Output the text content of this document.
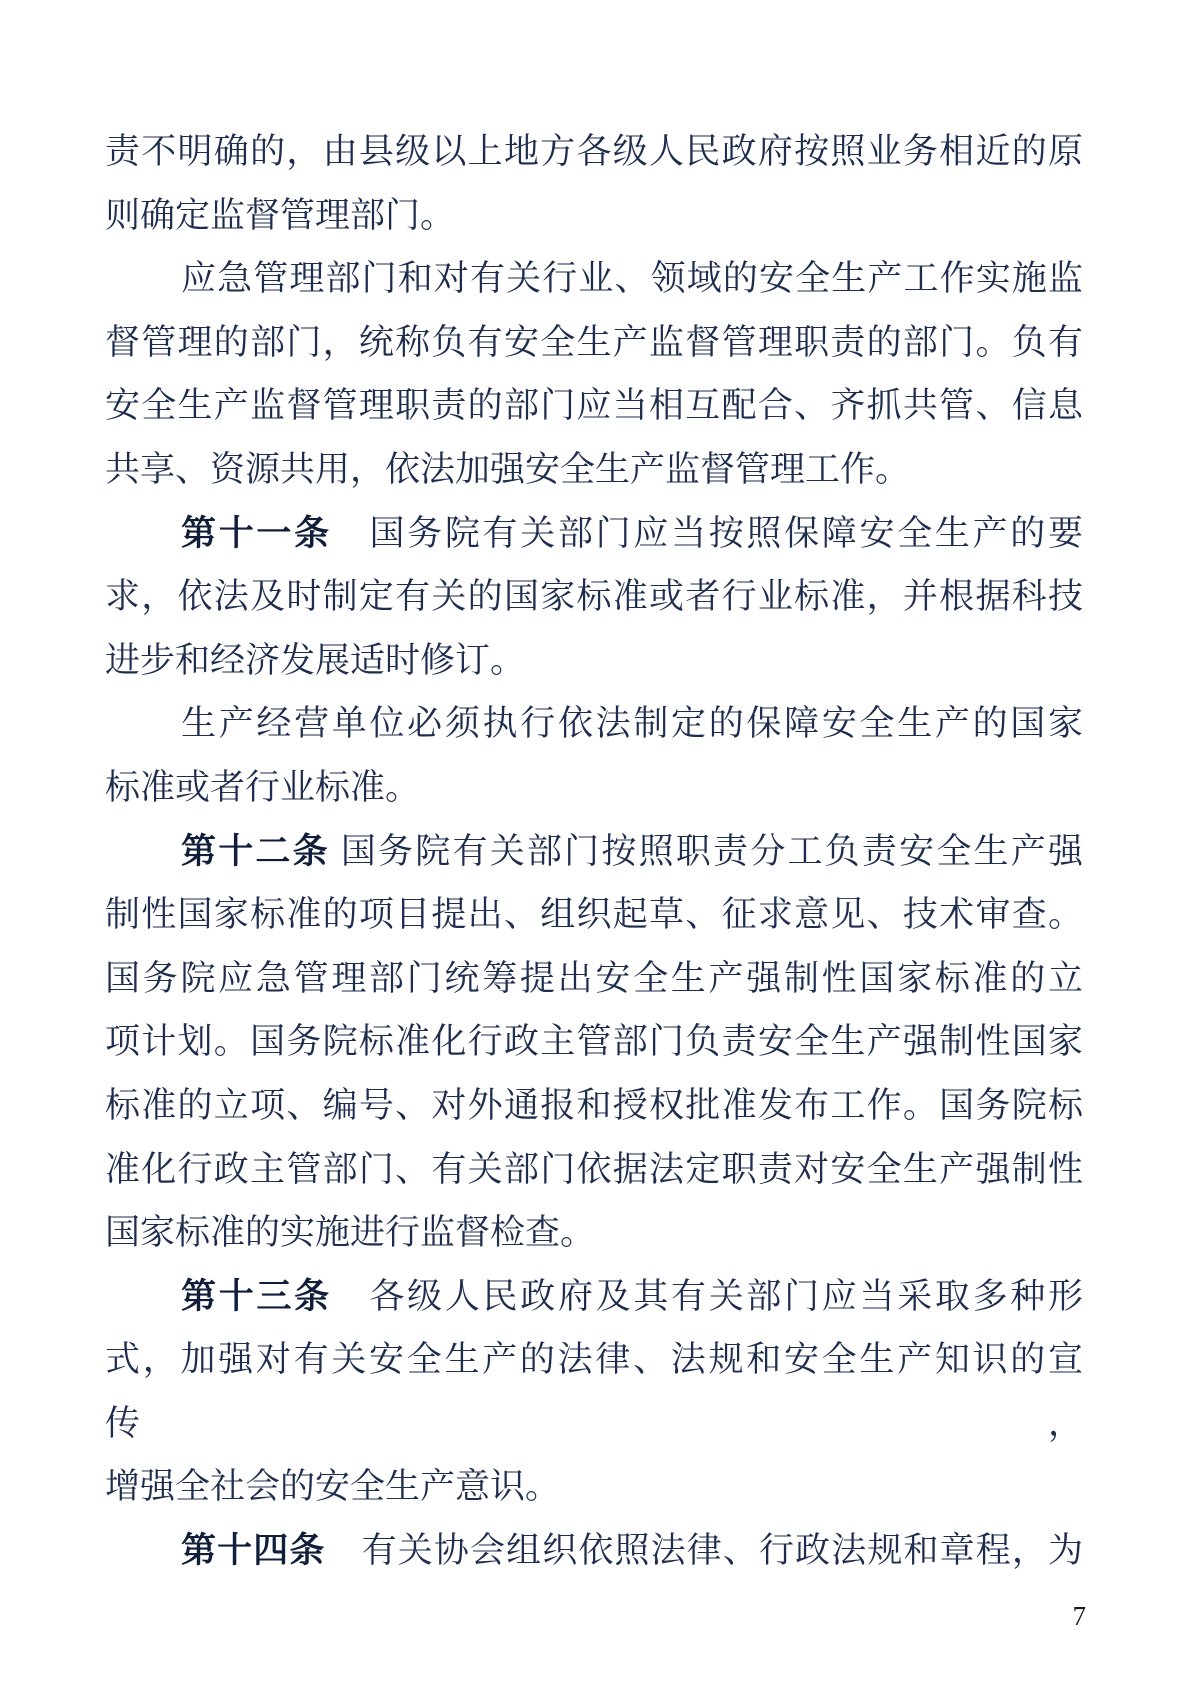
责不明确的，由县级以上地方各级人民政府按照业务相近的原
则确定监督管理部门。
应急管理部门和对有关行业、领域的安全生产工作实施监
督管理的部门，统称负有安全生产监督管理职责的部门。负有
安全生产监督管理职责的部门应当相互配合、齐抓共管、信息
共享、资源共用，依法加强安全生产监督管理工作。
第十一条　国务院有关部门应当按照保障安全生产的要
求，依法及时制定有关的国家标准或者行业标准，并根据科技
进步和经济发展适时修订。
生产经营单位必须执行依法制定的保障安全生产的国家
标准或者行业标准。
第十二条 国务院有关部门按照职责分工负责安全生产强
制性国家标准的项目提出、组织起草、征求意见、技术审查。
国务院应急管理部门统筹提出安全生产强制性国家标准的立
项计划。国务院标准化行政主管部门负责安全生产强制性国家
标准的立项、编号、对外通报和授权批准发布工作。国务院标
准化行政主管部门、有关部门依据法定职责对安全生产强制性
国家标准的实施进行监督检查。
第十三条　各级人民政府及其有关部门应当采取多种形
式，加强对有关安全生产的法律、法规和安全生产知识的宣传，
增强全社会的安全生产意识。
第十四条　有关协会组织依照法律、行政法规和章程，为
7
